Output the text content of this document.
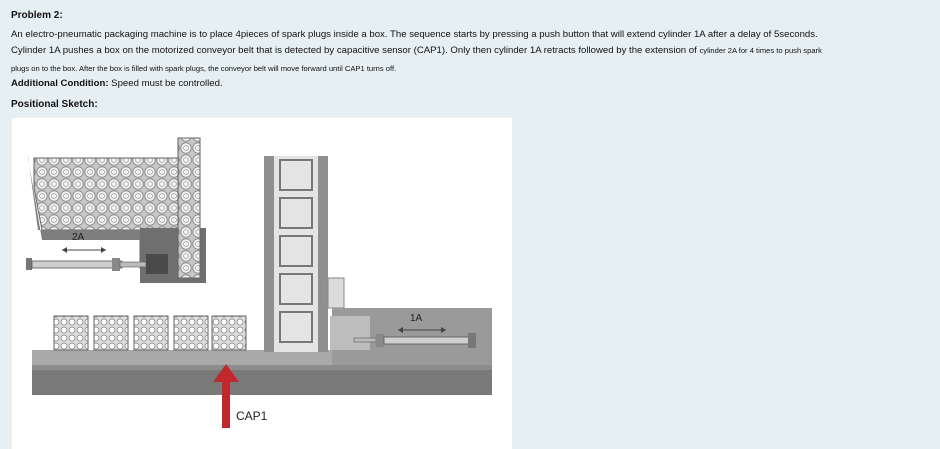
Problem 2:
An electro-pneumatic packaging machine is to place 4pieces of spark plugs inside a box. The sequence starts by pressing a push button that will extend cylinder 1A after a delay of 5seconds.
Cylinder 1A pushes a box on the motorized conveyor belt that is detected by capacitive sensor (CAP1). Only then cylinder 1A retracts followed by the extension of cylinder 2A for 4 times to push spark
plugs on to the box. After the box is filled with spark plugs, the conveyor belt will move forward until CAP1 turns off.
Additional Condition: Speed must be controlled.
Positional Sketch:
2A
1A
CAP1
